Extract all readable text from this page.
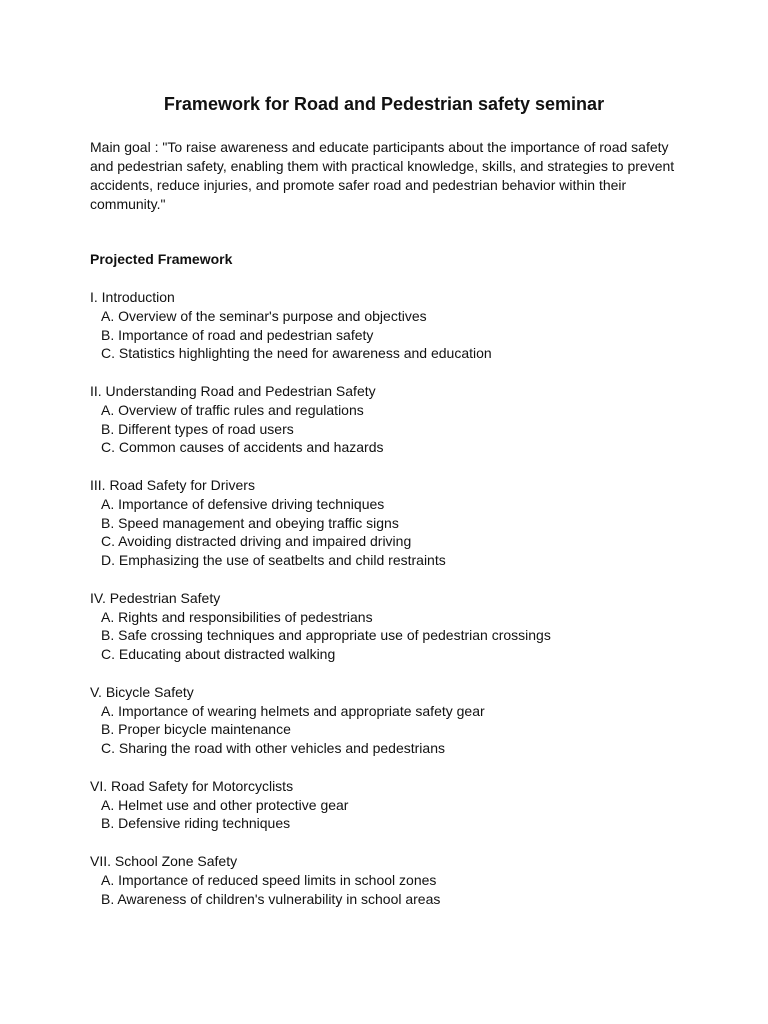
Framework for Road and Pedestrian safety seminar

Main goal : "To raise awareness and educate participants about the importance of road safety and pedestrian safety, enabling them with practical knowledge, skills, and strategies to prevent accidents, reduce injuries, and promote safer road and pedestrian behavior within their community."

Projected Framework

I. Introduction
A. Overview of the seminar's purpose and objectives
B. Importance of road and pedestrian safety
C. Statistics highlighting the need for awareness and education
II. Understanding Road and Pedestrian Safety
A. Overview of traffic rules and regulations
B. Different types of road users
C. Common causes of accidents and hazards
III. Road Safety for Drivers
A. Importance of defensive driving techniques
B. Speed management and obeying traffic signs
C. Avoiding distracted driving and impaired driving
D. Emphasizing the use of seatbelts and child restraints
IV. Pedestrian Safety
A. Rights and responsibilities of pedestrians
B. Safe crossing techniques and appropriate use of pedestrian crossings
C. Educating about distracted walking
V. Bicycle Safety
A. Importance of wearing helmets and appropriate safety gear
B. Proper bicycle maintenance
C. Sharing the road with other vehicles and pedestrians
VI. Road Safety for Motorcyclists
A. Helmet use and other protective gear
B. Defensive riding techniques
VII. School Zone Safety
A. Importance of reduced speed limits in school zones
B. Awareness of children's vulnerability in school areas
